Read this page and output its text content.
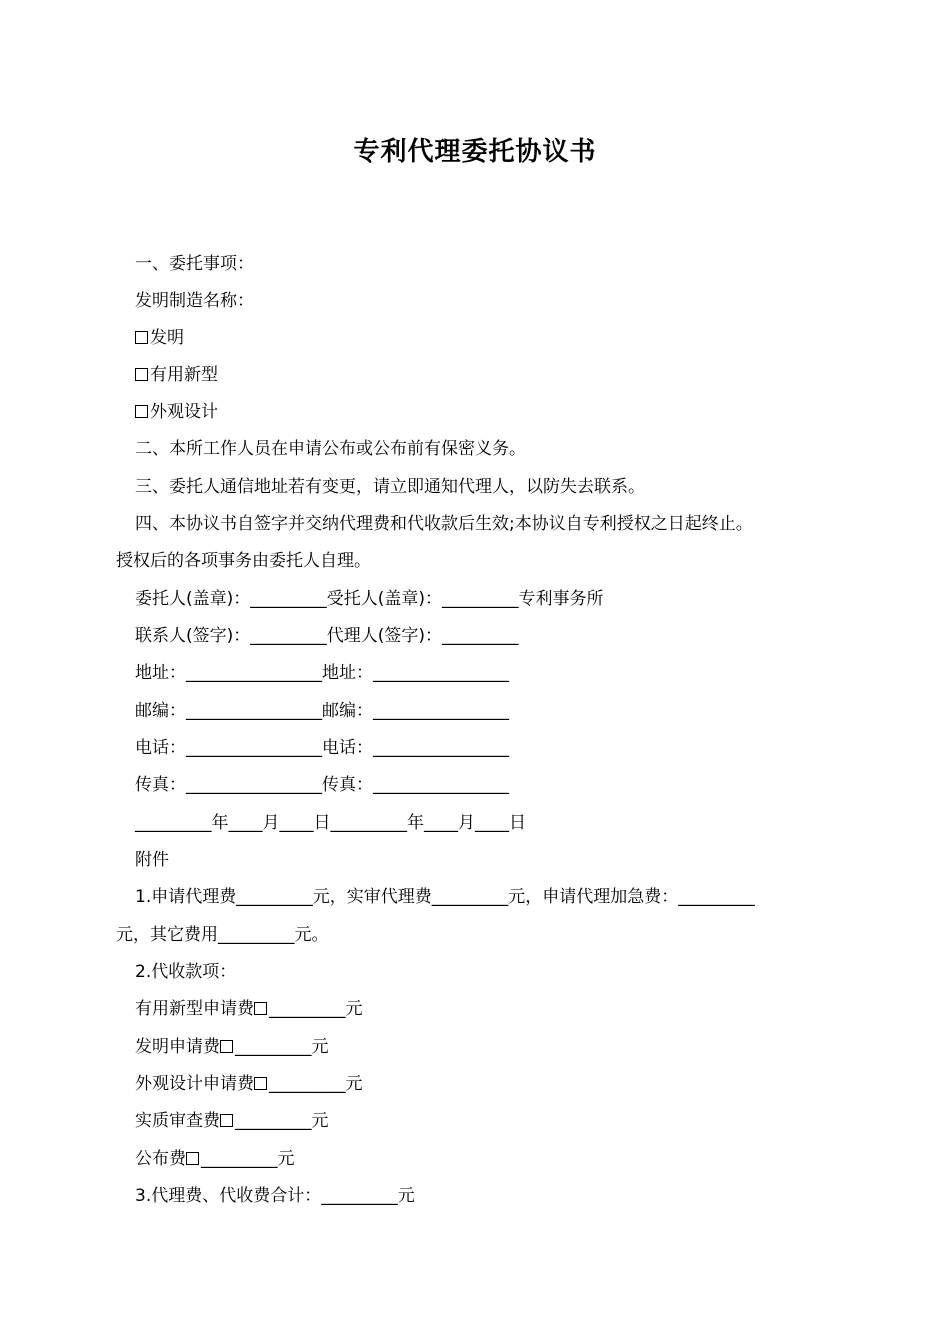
专利代理委托协议书
一、委托事项：
发明制造名称：
发明
有用新型
外观设计
二、本所工作人员在申请公布或公布前有保密义务。
三、委托人通信地址若有变更，请立即通知代理人，以防失去联系。
四、本协议书自签字并交纳代理费和代收款后生效;本协议自专利授权之日起终止。
授权后的各项事务由委托人自理。
委托人(盖章)：_________受托人(盖章)：_________专利事务所
联系人(签字)：_________代理人(签字)：_________
地址：________________地址：________________
邮编：________________邮编：________________
电话：________________电话：________________
传真：________________传真：________________
_________年____月____日_________年____月____日
附件
1.申请代理费_________元，实审代理费_________元，申请代理加急费：_________
元，其它费用_________元。
2.代收款项：
有用新型申请费 _________元
发明申请费 _________元
外观设计申请费 _________元
实质审查费 _________元
公布费 _________元
3.代理费、代收费合计：_________元
